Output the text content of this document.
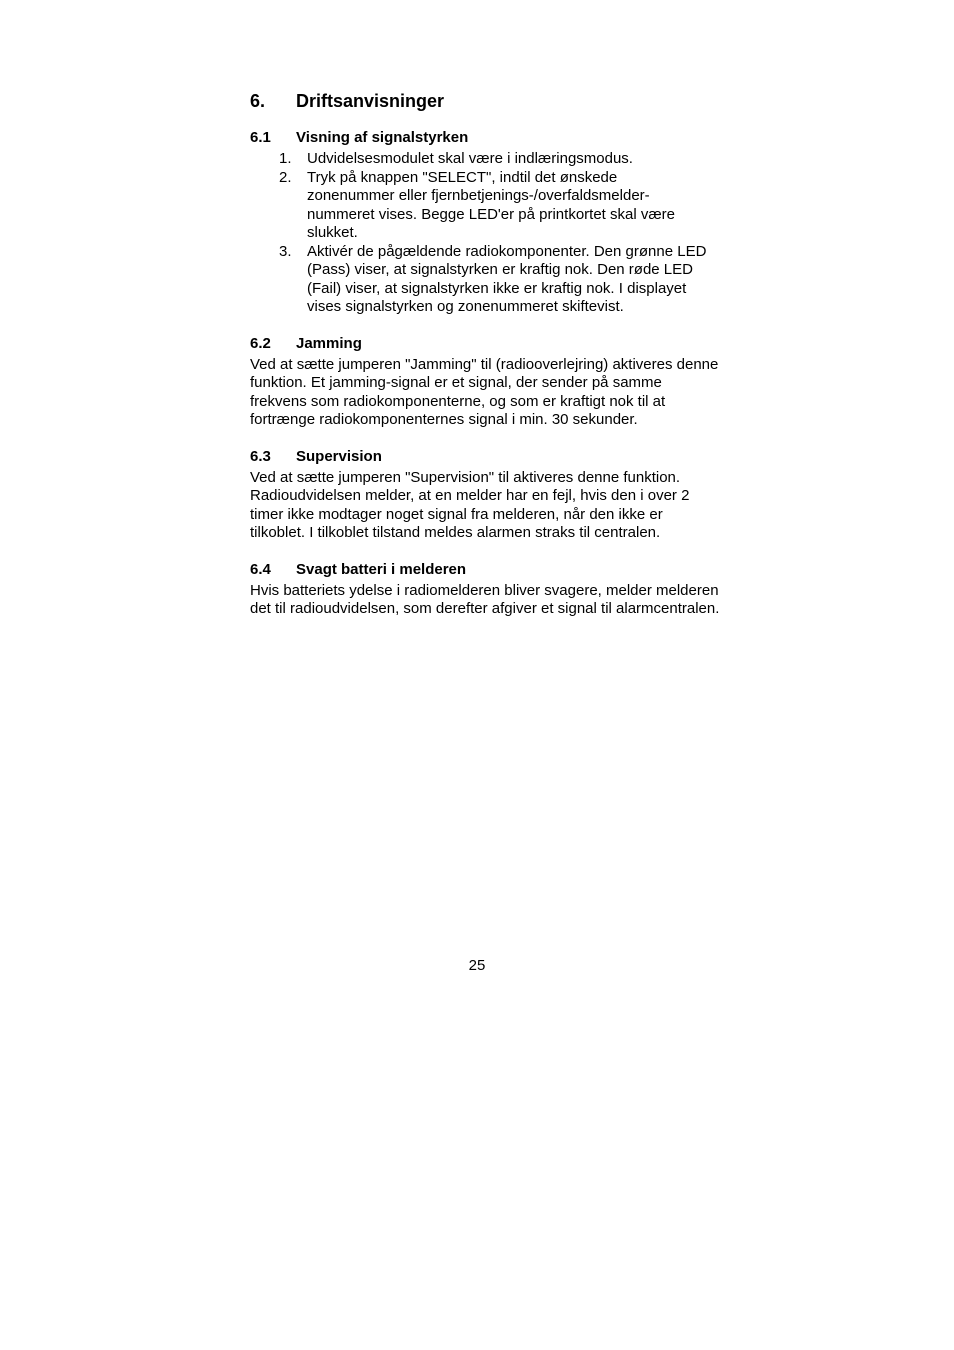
6.	Driftsanvisninger
6.1	Visning af signalstyrken
1.	Udvidelsesmodulet skal være i indlæringsmodus.
2.	Tryk på knappen "SELECT", indtil det ønskede zonenummer eller fjernbetjenings-/overfaldsmelder-nummeret vises. Begge LED'er på printkortet skal være slukket.
3.	Aktivér de pågældende radiokomponenter. Den grønne LED (Pass) viser, at signalstyrken er kraftig nok. Den røde LED (Fail) viser, at signalstyrken ikke er kraftig nok. I displayet vises signalstyrken og zonenummeret skiftevist.
6.2	Jamming

Ved at sætte jumperen "Jamming" til (radiooverlejring) aktiveres denne funktion. Et jamming-signal er et signal, der sender på samme frekvens som radiokomponenterne, og som er kraftigt nok til at fortrænge radiokomponenternes signal i min. 30 sekunder.

6.3	Supervision

Ved at sætte jumperen "Supervision" til aktiveres denne funktion. Radioudvidelsen melder, at en melder har en fejl, hvis den i over 2 timer ikke modtager noget signal fra melderen, når den ikke er tilkoblet. I tilkoblet tilstand meldes alarmen straks til centralen.

6.4	Svagt batteri i melderen

Hvis batteriets ydelse i radiomelderen bliver svagere, melder melderen det til radioudvidelsen, som derefter afgiver et signal til alarmcentralen.

25
